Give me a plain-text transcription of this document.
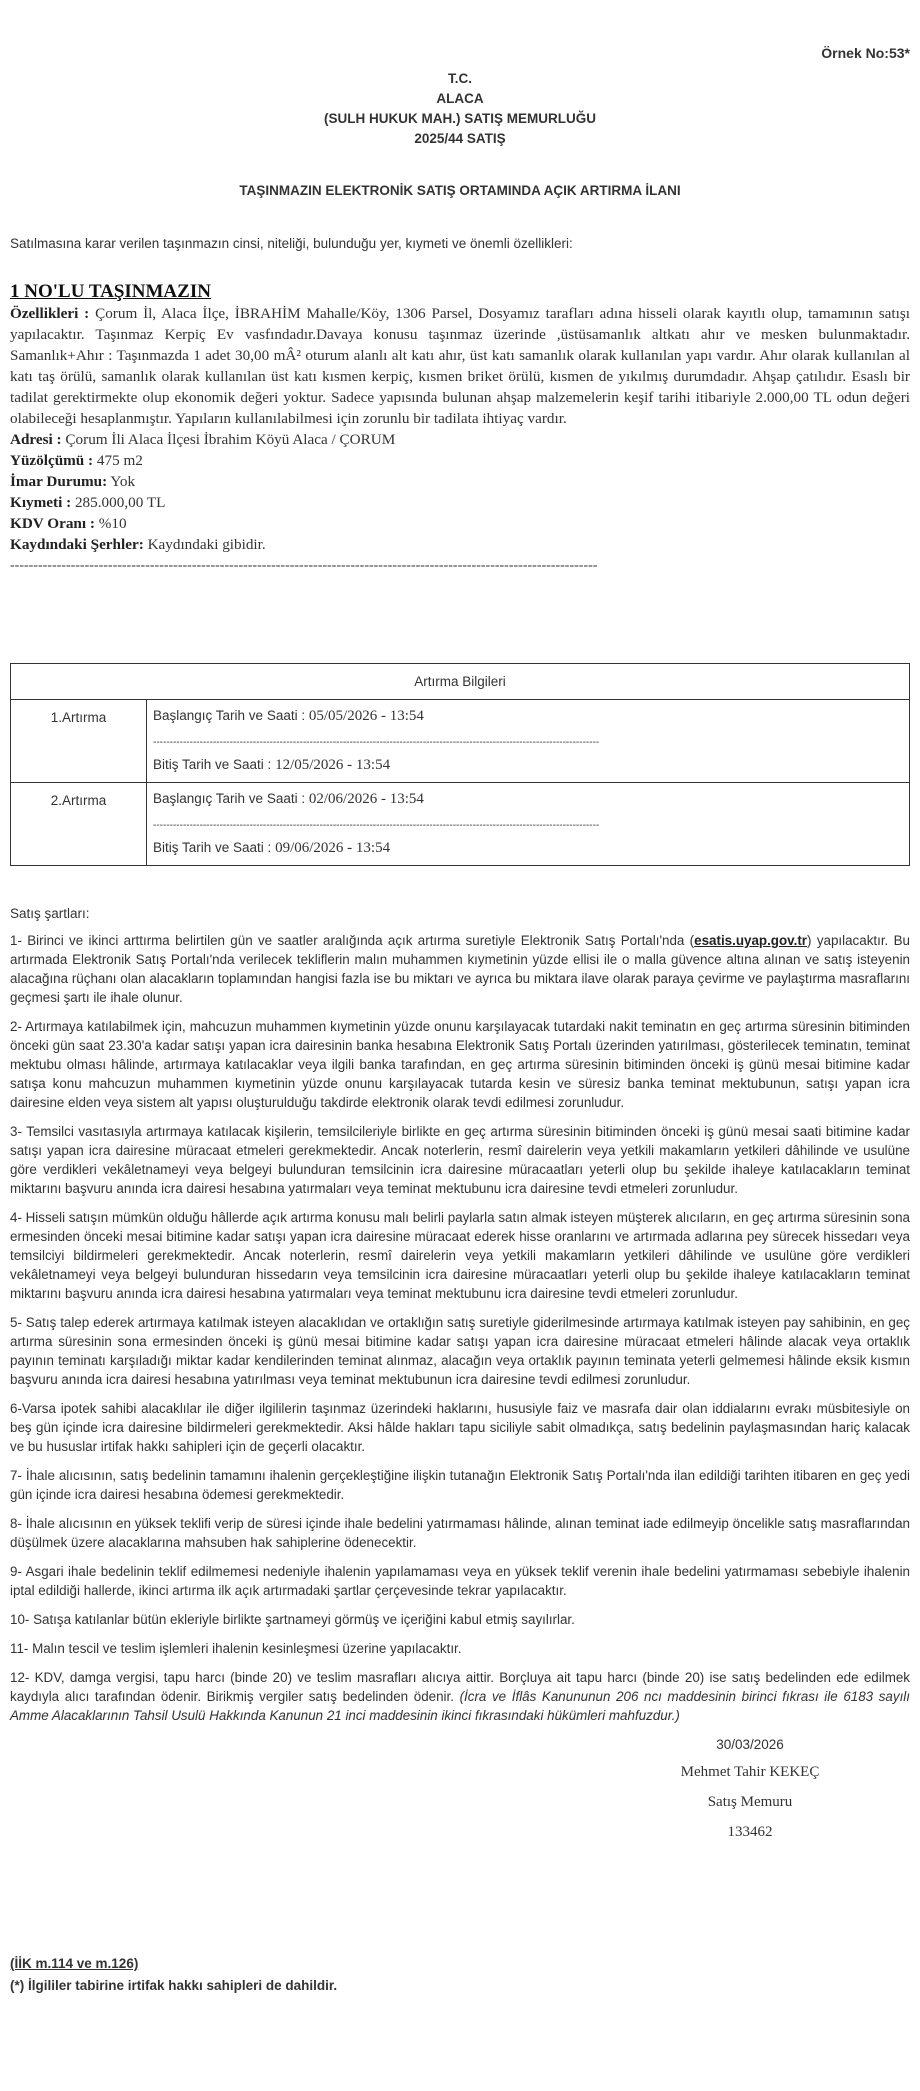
Örnek No:53*
T.C.
ALACA
(SULH HUKUK MAH.) SATIŞ MEMURLUĞU
2025/44 SATIŞ
TAŞINMAZIN ELEKTRONİK SATIŞ ORTAMINDA AÇIK ARTIRMA İLANI
Satılmasına karar verilen taşınmazın cinsi, niteliği, bulunduğu yer, kıymeti ve önemli özellikleri:
1 NO'LU TAŞINMAZIN
Özellikleri : Çorum İl, Alaca İlçe, İBRAHİM Mahalle/Köy, 1306 Parsel, Dosyamız tarafları adına hisseli olarak kayıtlı olup, tamamının satışı yapılacaktır. Taşınmaz Kerpiç Ev vasfındadır.Davaya konusu taşınmaz üzerinde ,üstüsamanlık altkatı ahır ve mesken bulunmaktadır. Samanlık+Ahır : Taşınmazda 1 adet 30,00 mÂ² oturum alanlı alt katı ahır, üst katı samanlık olarak kullanılan yapı vardır. Ahır olarak kullanılan al katı taş örülü, samanlık olarak kullanılan üst katı kısmen kerpiç, kısmen briket örülü, kısmen de yıkılmış durumdadır. Ahşap çatılıdır. Esaslı bir tadilat gerektirmekte olup ekonomik değeri yoktur. Sadece yapısında bulunan ahşap malzemelerin keşif tarihi itibariyle 2.000,00 TL odun değeri olabileceği hesaplanmıştır. Yapıların kullanılabilmesi için zorunlu bir tadilata ihtiyaç vardır.
Adresi : Çorum İli Alaca İlçesi İbrahim Köyü Alaca / ÇORUM
Yüzölçümü : 475 m2
İmar Durumu: Yok
Kıymeti : 285.000,00 TL
KDV Oranı : %10
Kaydındaki Şerhler: Kaydındaki gibidir.
------------------------------------------------------------------------------------------------------------------------------
Artırma Bilgileri	
1.Artırma	Başlangıç Tarih ve Saati : 05/05/2026 - 13:54
--------------------------------------------------------------------------------------------------------------------------------------
Bitiş Tarih ve Saati : 12/05/2026 - 13:54

2.Artırma	Başlangıç Tarih ve Saati : 02/06/2026 - 13:54
--------------------------------------------------------------------------------------------------------------------------------------
Bitiş Tarih ve Saati : 09/06/2026 - 13:54
Satış şartları:
1- Birinci ve ikinci arttırma belirtilen gün ve saatler aralığında açık artırma suretiyle Elektronik Satış Portalı'nda (esatis.uyap.gov.tr) yapılacaktır. Bu artırmada Elektronik Satış Portalı'nda verilecek tekliflerin malın muhammen kıymetinin yüzde ellisi ile o malla güvence altına alınan ve satış isteyenin alacağına rüçhanı olan alacakların toplamından hangisi fazla ise bu miktarı ve ayrıca bu miktara ilave olarak paraya çevirme ve paylaştırma masraflarını geçmesi şartı ile ihale olunur.
2- Artırmaya katılabilmek için, mahcuzun muhammen kıymetinin yüzde onunu karşılayacak tutardaki nakit teminatın en geç artırma süresinin bitiminden önceki gün saat 23.30'a kadar satışı yapan icra dairesinin banka hesabına Elektronik Satış Portalı üzerinden yatırılması, gösterilecek teminatın, teminat mektubu olması hâlinde, artırmaya katılacaklar veya ilgili banka tarafından, en geç artırma süresinin bitiminden önceki iş günü mesai bitimine kadar satışa konu mahcuzun muhammen kıymetinin yüzde onunu karşılayacak tutarda kesin ve süresiz banka teminat mektubunun, satışı yapan icra dairesine elden veya sistem alt yapısı oluşturulduğu takdirde elektronik olarak tevdi edilmesi zorunludur.
3- Temsilci vasıtasıyla artırmaya katılacak kişilerin, temsilcileriyle birlikte en geç artırma süresinin bitiminden önceki iş günü mesai saati bitimine kadar satışı yapan icra dairesine müracaat etmeleri gerekmektedir. Ancak noterlerin, resmî dairelerin veya yetkili makamların yetkileri dâhilinde ve usulüne göre verdikleri vekâletnameyi veya belgeyi bulunduran temsilcinin icra dairesine müracaatları yeterli olup bu şekilde ihaleye katılacakların teminat miktarını başvuru anında icra dairesi hesabına yatırmaları veya teminat mektubunu icra dairesine tevdi etmeleri zorunludur.
4- Hisseli satışın mümkün olduğu hâllerde açık artırma konusu malı belirli paylarla satın almak isteyen müşterek alıcıların, en geç artırma süresinin sona ermesinden önceki mesai bitimine kadar satışı yapan icra dairesine müracaat ederek hisse oranlarını ve artırmada adlarına pey sürecek hissedarı veya temsilciyi bildirmeleri gerekmektedir. Ancak noterlerin, resmî dairelerin veya yetkili makamların yetkileri dâhilinde ve usulüne göre verdikleri vekâletnameyi veya belgeyi bulunduran hissedarın veya temsilcinin icra dairesine müracaatları yeterli olup bu şekilde ihaleye katılacakların teminat miktarını başvuru anında icra dairesi hesabına yatırmaları veya teminat mektubunu icra dairesine tevdi etmeleri zorunludur.
5- Satış talep ederek artırmaya katılmak isteyen alacaklıdan ve ortaklığın satış suretiyle giderilmesinde artırmaya katılmak isteyen pay sahibinin, en geç artırma süresinin sona ermesinden önceki iş günü mesai bitimine kadar satışı yapan icra dairesine müracaat etmeleri hâlinde alacak veya ortaklık payının teminatı karşıladığı miktar kadar kendilerinden teminat alınmaz, alacağın veya ortaklık payının teminata yeterli gelmemesi hâlinde eksik kısmın başvuru anında icra dairesi hesabına yatırılması veya teminat mektubunun icra dairesine tevdi edilmesi zorunludur.
6-Varsa ipotek sahibi alacaklılar ile diğer ilgililerin taşınmaz üzerindeki haklarını, hususiyle faiz ve masrafa dair olan iddialarını evrakı müsbitesiyle on beş gün içinde icra dairesine bildirmeleri gerekmektedir. Aksi hâlde hakları tapu siciliyle sabit olmadıkça, satış bedelinin paylaşmasından hariç kalacak ve bu hususlar irtifak hakkı sahipleri için de geçerli olacaktır.
7- İhale alıcısının, satış bedelinin tamamını ihalenin gerçekleştiğine ilişkin tutanağın Elektronik Satış Portalı'nda ilan edildiği tarihten itibaren en geç yedi gün içinde icra dairesi hesabına ödemesi gerekmektedir.
8- İhale alıcısının en yüksek teklifi verip de süresi içinde ihale bedelini yatırmaması hâlinde, alınan teminat iade edilmeyip öncelikle satış masraflarından düşülmek üzere alacaklarına mahsuben hak sahiplerine ödenecektir.
9- Asgari ihale bedelinin teklif edilmemesi nedeniyle ihalenin yapılamaması veya en yüksek teklif verenin ihale bedelini yatırmaması sebebiyle ihalenin iptal edildiği hallerde, ikinci artırma ilk açık artırmadaki şartlar çerçevesinde tekrar yapılacaktır.
10- Satışa katılanlar bütün ekleriyle birlikte şartnameyi görmüş ve içeriğini kabul etmiş sayılırlar.
11- Malın tescil ve teslim işlemleri ihalenin kesinleşmesi üzerine yapılacaktır.
12- KDV, damga vergisi, tapu harcı (binde 20) ve teslim masrafları alıcıya aittir. Borçluya ait tapu harcı (binde 20) ise satış bedelinden ede edilmek kaydıyla alıcı tarafından ödenir. Birikmiş vergiler satış bedelinden ödenir. (İcra ve İflâs Kanununun 206 ncı maddesinin birinci fıkrası ile 6183 sayılı Amme Alacaklarının Tahsil Usulü Hakkında Kanunun 21 inci maddesinin ikinci fıkrasındaki hükümleri mahfuzdur.)
30/03/2026
Mehmet Tahir KEKEÇ
Satış Memuru
133462
(İİK m.114 ve m.126)
(*) İlgililer tabirine irtifak hakkı sahipleri de dahildir.
